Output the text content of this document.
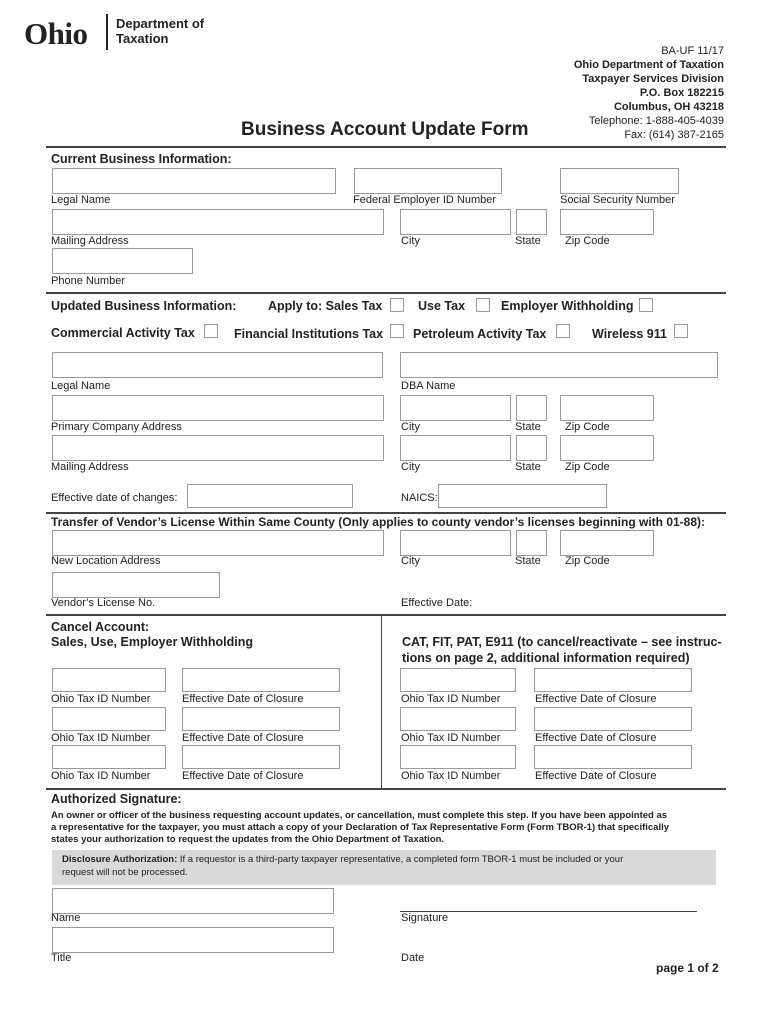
Ohio Department of
Taxation
BA-UF 11/17
Ohio Department of Taxation
Taxpayer Services Division
P.O. Box 182215
Columbus, OH 43218
Telephone: 1-888-405-4039
Fax: (614) 387-2165
Business Account Update Form
Current Business Information:
Legal Name	Federal Employer ID Number	Social Security Number
Mailing Address	City	State Zip Code
Phone Number
Updated Business Information:	Apply to: Sales Tax	Use Tax	Employer Withholding
Commercial Activity Tax	Financial Institutions Tax Petroleum Activity Tax	Wireless 911
Legal Name	DBA Name
Primary Company Address	City	State Zip Code
Mailing Address	City	State Zip Code
Effective date of changes:	NAICS:
Transfer of Vendor’s License Within Same County (Only applies to county vendor’s licenses beginning with 01-88):
New Location Address	City	State Zip Code
Vendor’s License No.	Effective Date:
Cancel Account:
Sales, Use, Employer Withholding	CAT, FIT, PAT, E911 (to cancel/reactivate – see instruc-
tions on page 2, additional information required)
Ohio Tax ID Number	Effective Date of Closure
Ohio Tax ID Number	Effective Date of Closure
Ohio Tax ID Number	Effective Date of Closure
Ohio Tax ID Number	Effective Date of Closure
Ohio Tax ID Number	Effective Date of Closure
Ohio Tax ID Number	Effective Date of Closure
Authorized Signature:
An owner or officer of the business requesting account updates, or cancellation, must complete this step. If you have been appointed as
a representative for the taxpayer, you must attach a copy of your Declaration of Tax Representative Form (Form TBOR-1) that specifically
states your authorization to request the updates from the Ohio Department of Taxation.
Disclosure Authorization: If a requestor is a third-party taxpayer representative, a completed form TBOR-1 must be included or your
request will not be processed.
Name	Signature
Title	Date
page 1 of 2
